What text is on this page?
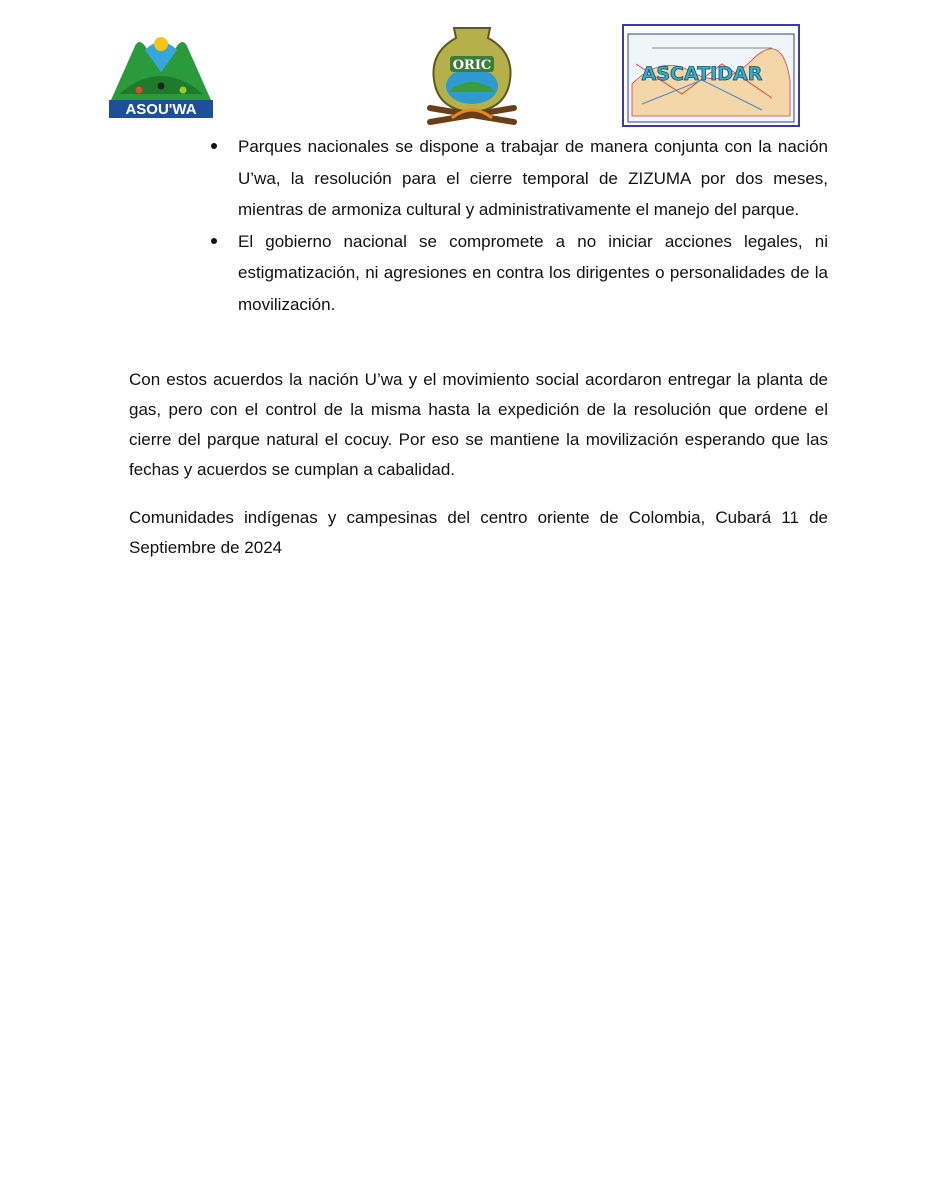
ASOU'WA
ORIC	ASCATIDAR
Parques nacionales se dispone a trabajar de manera conjunta con la nación U’wa, la resolución para el cierre temporal de ZIZUMA por dos meses, mientras de armoniza cultural y administrativamente el manejo del parque.
El gobierno nacional se compromete a no iniciar acciones legales, ni estigmatización, ni agresiones en contra los dirigentes o personalidades de la movilización.

Con estos acuerdos la nación U’wa y el movimiento social acordaron entregar la planta de gas, pero con el control de la misma hasta la expedición de la resolución que ordene el cierre del parque natural el cocuy. Por eso se mantiene la movilización esperando que las fechas y acuerdos se cumplan a cabalidad.

Comunidades indígenas y campesinas del centro oriente de Colombia, Cubará 11 de Septiembre de 2024
